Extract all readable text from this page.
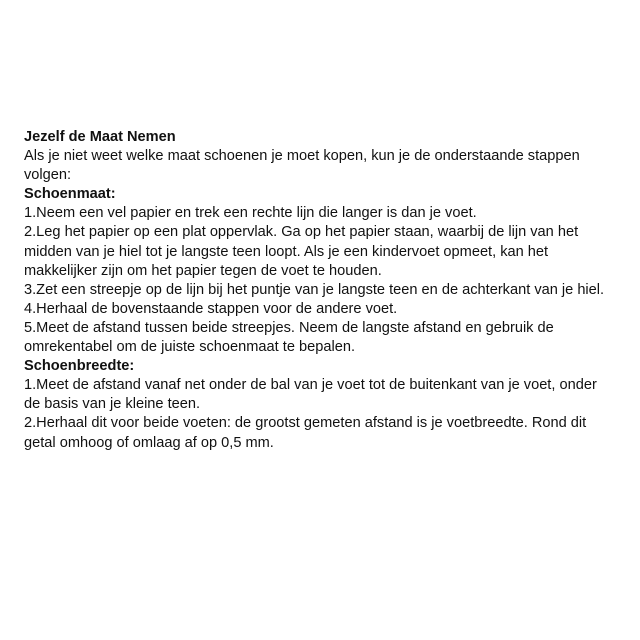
Jezelf de Maat Nemen
Als je niet weet welke maat schoenen je moet kopen, kun je de onderstaande stappen
volgen:
Schoenmaat:
1.Neem een vel papier en trek een rechte lijn die langer is dan je voet.
2.Leg het papier op een plat oppervlak. Ga op het papier staan, waarbij de lijn van het
midden van je hiel tot je langste teen loopt. Als je een kindervoet opmeet, kan het
makkelijker zijn om het papier tegen de voet te houden.
3.Zet een streepje op de lijn bij het puntje van je langste teen en de achterkant van je hiel.
4.Herhaal de bovenstaande stappen voor de andere voet.
5.Meet de afstand tussen beide streepjes. Neem de langste afstand en gebruik de
omrekentabel om de juiste schoenmaat te bepalen.
Schoenbreedte:
1.Meet de afstand vanaf net onder de bal van je voet tot de buitenkant van je voet, onder
de basis van je kleine teen.
2.Herhaal dit voor beide voeten: de grootst gemeten afstand is je voetbreedte. Rond dit
getal omhoog of omlaag af op 0,5 mm.
